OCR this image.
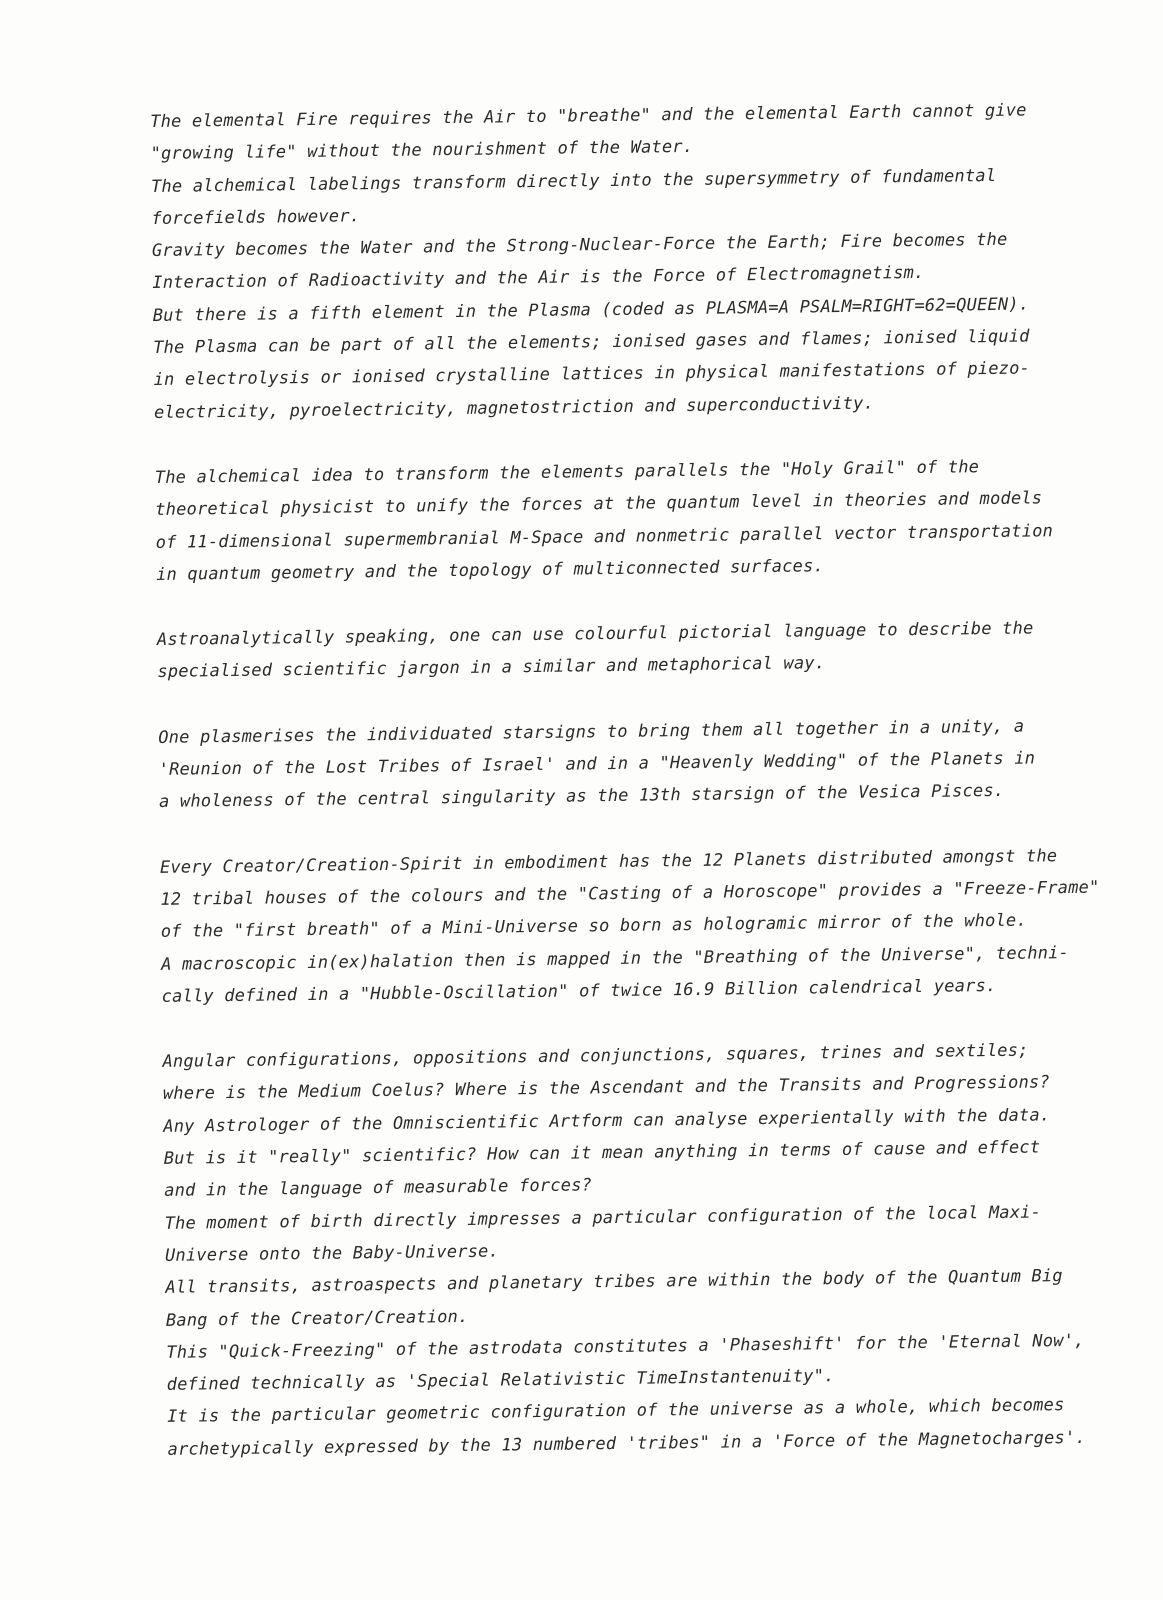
The elemental Fire requires the Air to "breathe" and the elemental Earth cannot give
"growing life" without the nourishment of the Water.
The alchemical labelings transform directly into the supersymmetry of fundamental
forcefields however.
Gravity becomes the Water and the Strong-Nuclear-Force the Earth; Fire becomes the
Interaction of Radioactivity and the Air is the Force of Electromagnetism.
But there is a fifth element in the Plasma (coded as PLASMA=A PSALM=RIGHT=62=QUEEN).
The Plasma can be part of all the elements; ionised gases and flames; ionised liquid
in electrolysis or ionised crystalline lattices in physical manifestations of piezo-
electricity, pyroelectricity, magnetostriction and superconductivity.
The alchemical idea to transform the elements parallels the "Holy Grail" of the
theoretical physicist to unify the forces at the quantum level in theories and models
of 11-dimensional supermembranial M-Space and nonmetric parallel vector transportation
in quantum geometry and the topology of multiconnected surfaces.
Astroanalytically speaking, one can use colourful pictorial language to describe the
specialised scientific jargon in a similar and metaphorical way.
One plasmerises the individuated starsigns to bring them all together in a unity, a
'Reunion of the Lost Tribes of Israel' and in a "Heavenly Wedding" of the Planets in
a wholeness of the central singularity as the 13th starsign of the Vesica Pisces.
Every Creator/Creation-Spirit in embodiment has the 12 Planets distributed amongst the
12 tribal houses of the colours and the "Casting of a Horoscope" provides a "Freeze-Frame"
of the "first breath" of a Mini-Universe so born as hologramic mirror of the whole.
A macroscopic in(ex)halation then is mapped in the "Breathing of the Universe", techni-
cally defined in a "Hubble-Oscillation" of twice 16.9 Billion calendrical years.
Angular configurations, oppositions and conjunctions, squares, trines and sextiles;
where is the Medium Coelus? Where is the Ascendant and the Transits and Progressions?
Any Astrologer of the Omniscientific Artform can analyse experientally with the data.
But is it "really" scientific? How can it mean anything in terms of cause and effect
and in the language of measurable forces?
The moment of birth directly impresses a particular configuration of the local Maxi-
Universe onto the Baby-Universe.
All transits, astroaspects and planetary tribes are within the body of the Quantum Big
Bang of the Creator/Creation.
This "Quick-Freezing" of the astrodata constitutes a 'Phaseshift' for the 'Eternal Now',
defined technically as 'Special Relativistic TimeInstantenuity".
It is the particular geometric configuration of the universe as a whole, which becomes
archetypically expressed by the 13 numbered 'tribes" in a 'Force of the Magnetocharges'.
